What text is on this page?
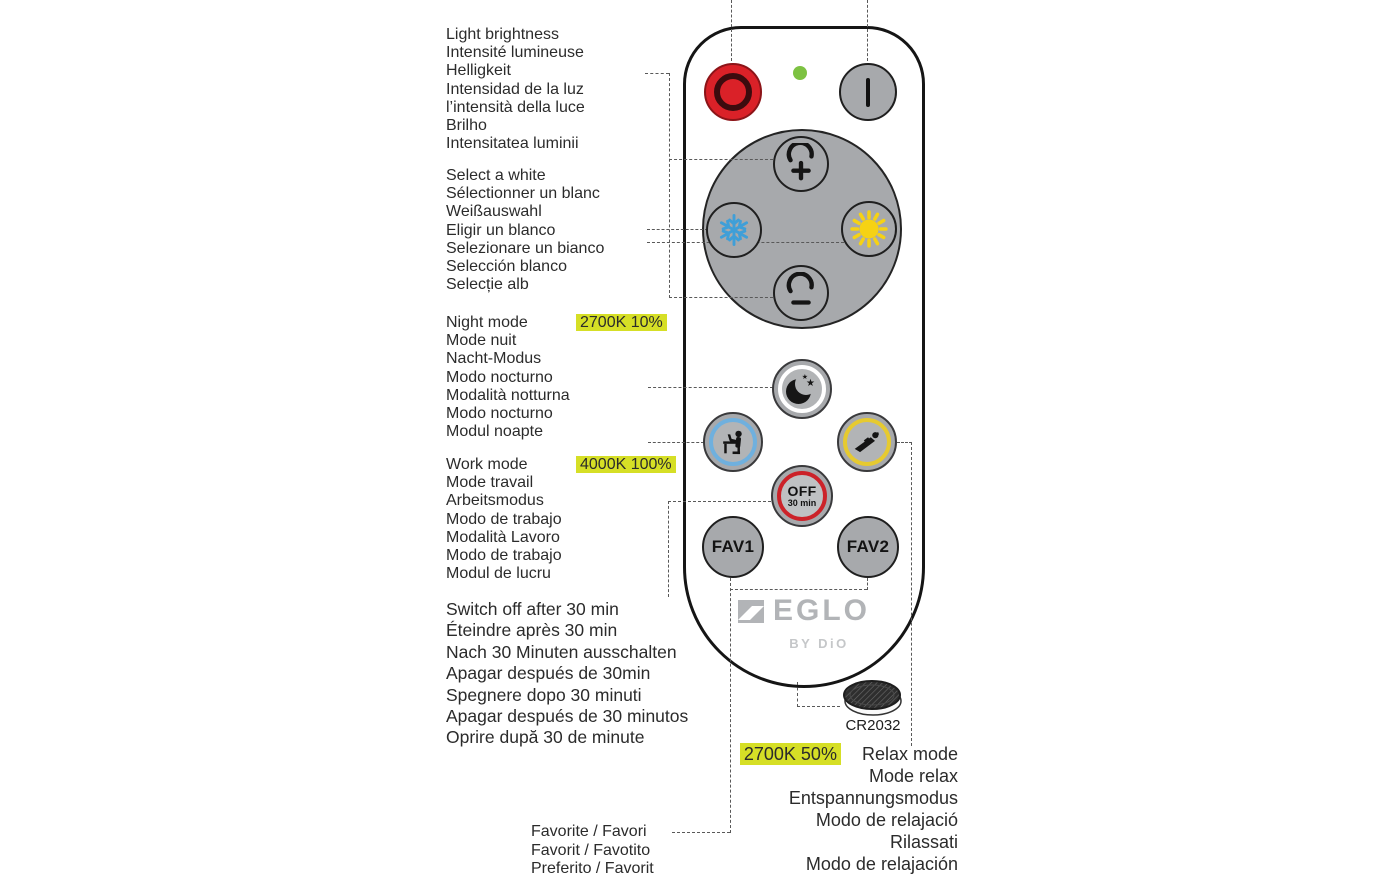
★
★
OFF
30 min
FAV1	FAV2
EGLO
BY DiO
CR2032
Light brightness
Intensité lumineuse
Helligkeit
Intensidad de la luz
l’intensità della luce
Brilho
Intensitatea luminii
Select a white
Sélectionner un blanc
Weißauswahl
Eligir un blanco
Selezionare un bianco
Selección blanco
Selecție alb
Night mode	2700K 10%
Mode nuit
Nacht-Modus
Modo nocturno
Modalità notturna
Modo nocturno
Modul noapte
Work mode	4000K 100%
Mode travail
Arbeitsmodus
Modo de trabajo
Modalità Lavoro
Modo de trabajo
Modul de lucru
Switch off after 30 min
Éteindre après 30 min
Nach 30 Minuten ausschalten
Apagar después de 30min
Spegnere dopo 30 minuti
Apagar después de 30 minutos
Oprire după 30 de minute
Favorite / Favori
Favorit / Favotito
Preferito / Favorit
2700K 50% Relax mode
Mode relax
Entspannungsmodus
Modo de relajació
Rilassati
Modo de relajación
